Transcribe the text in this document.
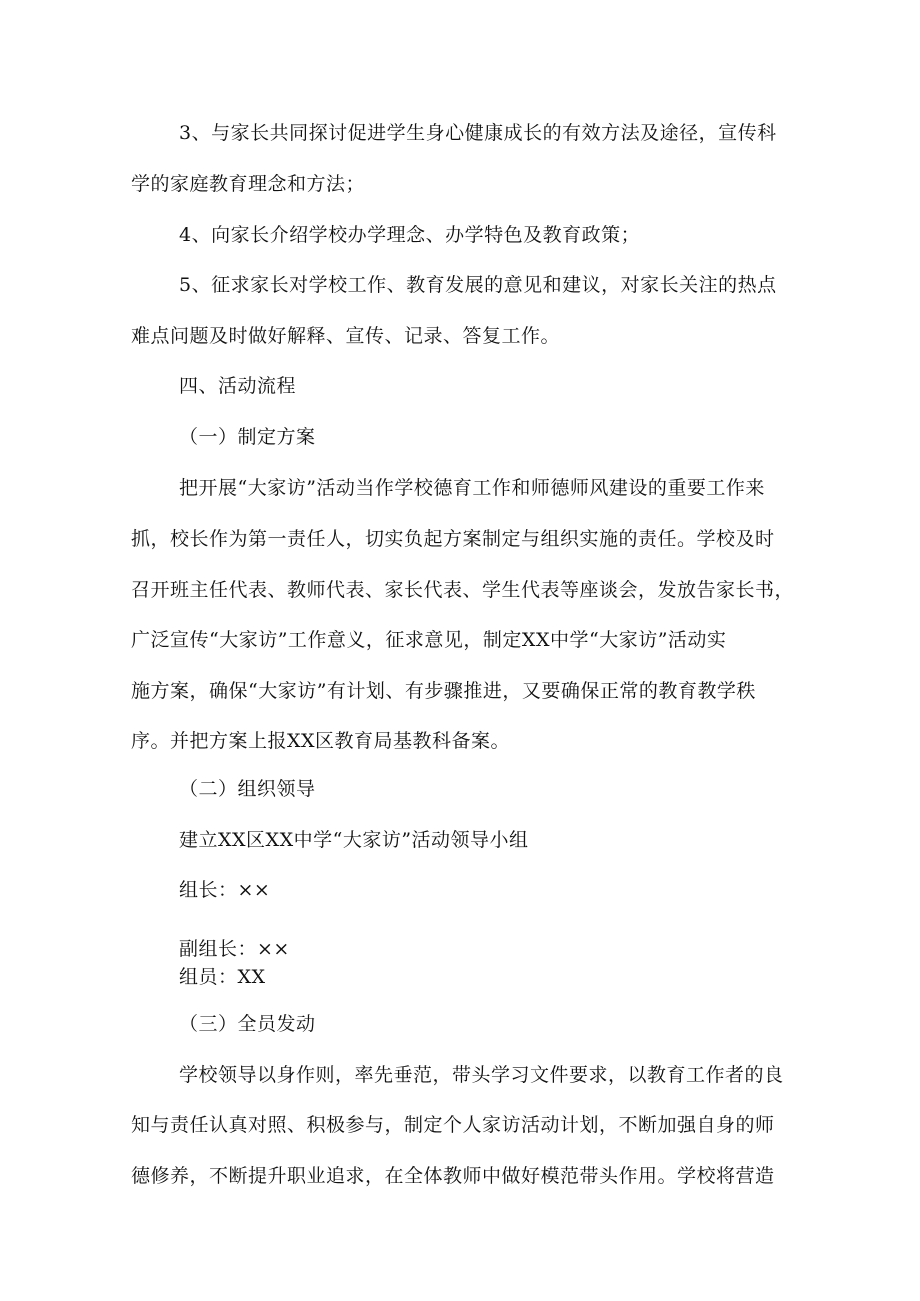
3、与家长共同探讨促进学生身心健康成长的有效方法及途径，宣传科
学的家庭教育理念和方法；
4、向家长介绍学校办学理念、办学特色及教育政策；
5、征求家长对学校工作、教育发展的意见和建议，对家长关注的热点
难点问题及时做好解释、宣传、记录、答复工作。
四、活动流程
（一）制定方案
把开展“大家访”活动当作学校德育工作和师德师风建设的重要工作来
抓，校长作为第一责任人，切实负起方案制定与组织实施的责任。学校及时
召开班主任代表、教师代表、家长代表、学生代表等座谈会，发放告家长书，
广泛宣传“大家访”工作意义，征求意见，制定XX中学“大家访”活动实
施方案，确保“大家访”有计划、有步骤推进，又要确保正常的教育教学秩
序。并把方案上报XX区教育局基教科备案。
（二）组织领导
建立XX区XX中学“大家访”活动领导小组
组长：××
副组长：××
组员：XX
（三）全员发动
学校领导以身作则，率先垂范，带头学习文件要求，以教育工作者的良
知与责任认真对照、积极参与，制定个人家访活动计划，不断加强自身的师
德修养，不断提升职业追求，在全体教师中做好模范带头作用。学校将营造
